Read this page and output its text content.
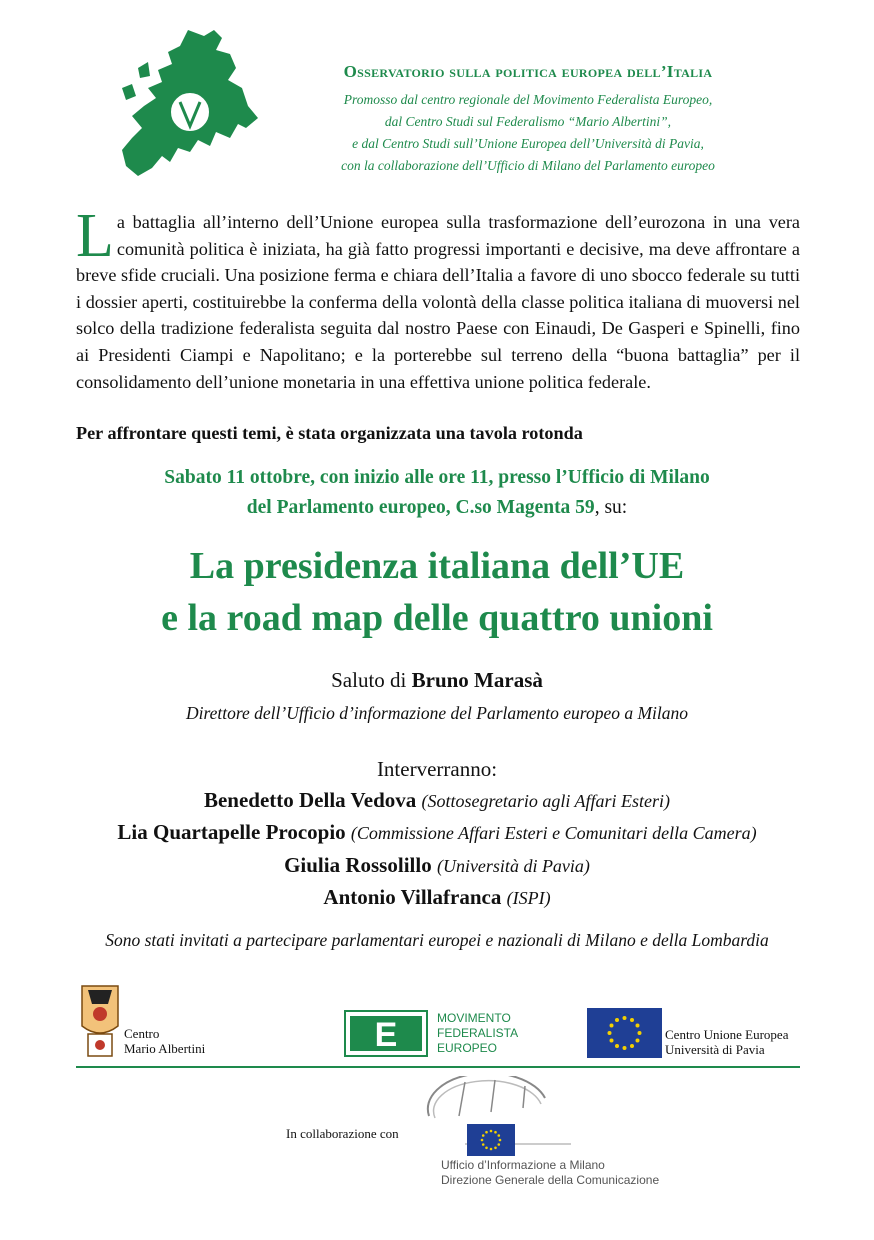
Osservatorio sulla politica europea dell’Italia
Promosso dal centro regionale del Movimento Federalista Europeo,
dal Centro Studi sul Federalismo “Mario Albertini”,
e dal Centro Studi sull’Unione Europea dell’Università di Pavia,
con la collaborazione dell’Ufficio di Milano del Parlamento europeo
La battaglia all’interno dell’Unione europea sulla trasformazione dell’eurozona in una vera comunità politica è iniziata, ha già fatto progressi importanti e decisive, ma deve affrontare a breve sfide cruciali. Una posizione ferma e chiara dell’Italia a favore di uno sbocco federale su tutti i dossier aperti, costituirebbe la conferma della volontà della classe politica italiana di muoversi nel solco della tradizione federalista seguita dal nostro Paese con Einaudi, De Gasperi e Spinelli, fino ai Presidenti Ciampi e Napolitano; e la porterebbe sul terreno della “buona battaglia” per il consolidamento dell’unione monetaria in una effettiva unione politica federale.
Per affrontare questi temi, è stata organizzata una tavola rotonda
Sabato 11 ottobre, con inizio alle ore 11, presso l’Ufficio di Milano
del Parlamento europeo, C.so Magenta 59, su:
La presidenza italiana dell’UE
e la road map delle quattro unioni
Saluto di Bruno Marasà
Direttore dell’Ufficio d’informazione del Parlamento europeo a Milano
Interverranno:
Benedetto Della Vedova (Sottosegretario agli Affari Esteri)
Lia Quartapelle Procopio (Commissione Affari Esteri e Comunitari della Camera)
Giulia Rossolillo (Università di Pavia)
Antonio Villafranca (ISPI)
Sono stati invitati a partecipare parlamentari europei e nazionali di Milano e della Lombardia
Centro
Mario Albertini	E	MOVIMENTO
FEDERALISTA
EUROPEO
Centro Unione Europea
Università di Pavia
In collaborazione con
Ufficio d’Informazione a Milano
Direzione Generale della Comunicazione
